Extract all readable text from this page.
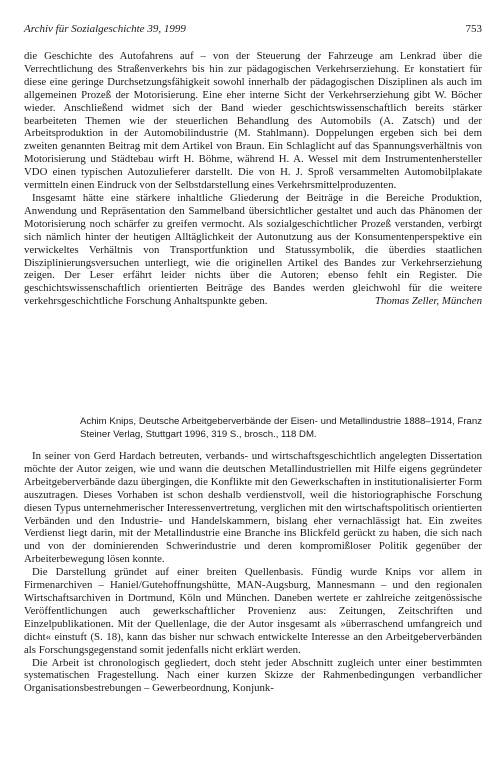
Archiv für Sozialgeschichte 39, 1999	753

die Geschichte des Autofahrens auf – von der Steuerung der Fahrzeuge am Lenkrad über die Verrechtlichung des Straßenverkehrs bis hin zur pädagogischen Verkehrserziehung. Er konstatiert für diese eine geringe Durchsetzungsfähigkeit sowohl innerhalb der pädagogischen Disziplinen als auch im allgemeinen Prozeß der Motorisierung. Eine eher interne Sicht der Verkehrserziehung gibt W. Böcher wieder. Anschließend widmet sich der Band wieder geschichtswissenschaftlich bereits stärker bearbeiteten Themen wie der steuerlichen Behandlung des Automobils (A. Zatsch) und der Arbeitsproduktion in der Automobilindustrie (M. Stahlmann). Doppelungen ergeben sich bei dem zweiten genannten Beitrag mit dem Artikel von Braun. Ein Schlaglicht auf das Spannungsverhältnis von Motorisierung und Städtebau wirft H. Böhme, während H. A. Wessel mit dem Instrumentenhersteller VDO einen typischen Autozulieferer darstellt. Die von H. J. Sproß versammelten Automobilplakate vermitteln einen Eindruck von der Selbstdarstellung eines Verkehrsmittelproduzenten.

Insgesamt hätte eine stärkere inhaltliche Gliederung der Beiträge in die Bereiche Produktion, Anwendung und Repräsentation den Sammelband übersichtlicher gestaltet und auch das Phänomen der Motorisierung noch schärfer zu greifen vermocht. Als sozialgeschichtlicher Prozeß verstanden, verbirgt sich nämlich hinter der heutigen Alltäglichkeit der Autonutzung aus der Konsumentenperspektive ein verwickeltes Verhältnis von Transportfunktion und Statussymbolik, die überdies staatlichen Disziplinierungsversuchen unterliegt, wie die originellen Artikel des Bandes zur Verkehrserziehung zeigen. Der Leser erfährt leider nichts über die Autoren; ebenso fehlt ein Register. Die geschichtswissenschaftlich orientierten Beiträge des Bandes werden gleichwohl für die weitere verkehrsgeschichtliche Forschung Anhaltspunkte geben.	Thomas Zeller, München

Achim Knips, Deutsche Arbeitgeberverbände der Eisen- und Metallindustrie 1888–1914, Franz Steiner Verlag, Stuttgart 1996, 319 S., brosch., 118 DM.

In seiner von Gerd Hardach betreuten, verbands- und wirtschaftsgeschichtlich angelegten Dissertation möchte der Autor zeigen, wie und wann die deutschen Metallindustriellen mit Hilfe eigens gegründeter Arbeitgeberverbände dazu übergingen, die Konflikte mit den Gewerkschaften in institutionalisierter Form auszutragen. Dieses Vorhaben ist schon deshalb verdienstvoll, weil die historiographische Forschung diesen Typus unternehmerischer Interessenvertretung, verglichen mit den wirtschaftspolitisch orientierten Verbänden und den Industrie- und Handelskammern, bislang eher vernachlässigt hat. Ein zweites Verdienst liegt darin, mit der Metallindustrie eine Branche ins Blickfeld gerückt zu haben, die sich nach und von der dominierenden Schwerindustrie und deren kompromißloser Politik gegenüber der Arbeiterbewegung lösen konnte.

Die Darstellung gründet auf einer breiten Quellenbasis. Fündig wurde Knips vor allem in Firmenarchiven – Haniel/Gutehoffnungshütte, MAN-Augsburg, Mannesmann – und den regionalen Wirtschaftsarchiven in Dortmund, Köln und München. Daneben wertete er zahlreiche zeitgenössische Veröffentlichungen auch gewerkschaftlicher Provenienz aus: Zeitungen, Zeitschriften und Einzelpublikationen. Mit der Quellenlage, die der Autor insgesamt als »überraschend umfangreich und dicht« einstuft (S. 18), kann das bisher nur schwach entwickelte Interesse an den Arbeitgeberverbänden als Forschungsgegenstand somit jedenfalls nicht erklärt werden.

Die Arbeit ist chronologisch gegliedert, doch steht jeder Abschnitt zugleich unter einer bestimmten systematischen Fragestellung. Nach einer kurzen Skizze der Rahmenbedingungen verbandlicher Organisationsbestrebungen – Gewerbeordnung, Konjunk-
